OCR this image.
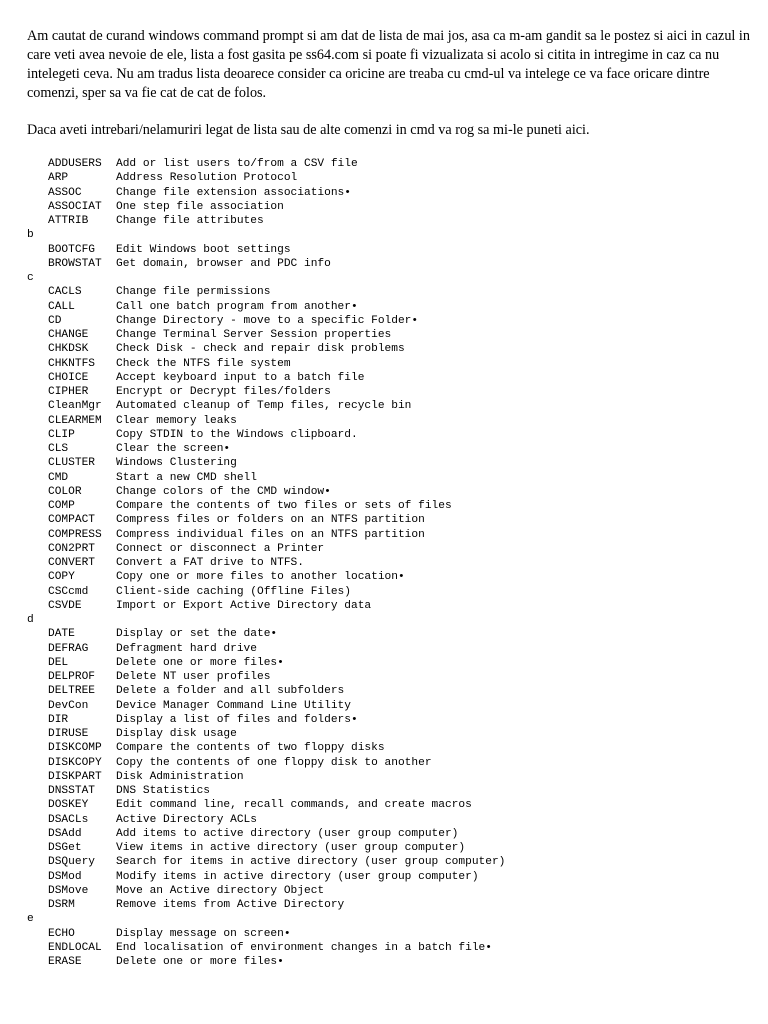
Am cautat de curand windows command prompt si am dat de lista de mai jos, asa ca m-am gandit sa le postez si aici in cazul in care veti avea nevoie de ele, lista a fost gasita pe ss64.com si poate fi vizualizata si acolo si citita in intregime in caz ca nu intelegeti ceva. Nu am tradus lista deoarece consider ca oricine are treaba cu cmd-ul va intelege ce va face oricare dintre comenzi, sper sa va fie cat de cat de folos.

Daca aveti intrebari/nelamuriri legat de lista sau de alte comenzi in cmd va rog sa mi-le puneti aici.

ADDUSERS Add or list users to/from a CSV file
ARP	Address Resolution Protocol
ASSOC	Change file extension associations•
ASSOCIAT One step file association
ATTRIB Change file attributes
b
BOOTCFG Edit Windows boot settings
BROWSTAT Get domain, browser and PDC info
c
CACLS	Change file permissions
CALL	Call one batch program from another•
CD	Change Directory - move to a specific Folder•
CHANGE Change Terminal Server Session properties
CHKDSK Check Disk - check and repair disk problems
CHKNTFS Check the NTFS file system
CHOICE Accept keyboard input to a batch file
CIPHER Encrypt or Decrypt files/folders
CleanMgr Automated cleanup of Temp files, recycle bin
CLEARMEM Clear memory leaks
CLIP	Copy STDIN to the Windows clipboard.
CLS	Clear the screen•
CLUSTER Windows Clustering
CMD	Start a new CMD shell
COLOR	Change colors of the CMD window•
COMP	Compare the contents of two files or sets of files
COMPACT Compress files or folders on an NTFS partition
COMPRESS Compress individual files on an NTFS partition
CON2PRT Connect or disconnect a Printer
CONVERT Convert a FAT drive to NTFS.
COPY	Copy one or more files to another location•
CSCcmd Client-side caching (Offline Files)
CSVDE	Import or Export Active Directory data
d
DATE	Display or set the date•
DEFRAG Defragment hard drive
DEL	Delete one or more files•
DELPROF Delete NT user profiles
DELTREE Delete a folder and all subfolders
DevCon Device Manager Command Line Utility
DIR	Display a list of files and folders•
DIRUSE Display disk usage
DISKCOMP Compare the contents of two floppy disks
DISKCOPY Copy the contents of one floppy disk to another
DISKPART Disk Administration
DNSSTAT DNS Statistics
DOSKEY Edit command line, recall commands, and create macros
DSACLs Active Directory ACLs
DSAdd	Add items to active directory (user group computer)
DSGet	View items in active directory (user group computer)
DSQuery Search for items in active directory (user group computer)
DSMod	Modify items in active directory (user group computer)
DSMove Move an Active directory Object
DSRM	Remove items from Active Directory
e
ECHO	Display message on screen•
ENDLOCAL End localisation of environment changes in a batch file•
ERASE	Delete one or more files•
